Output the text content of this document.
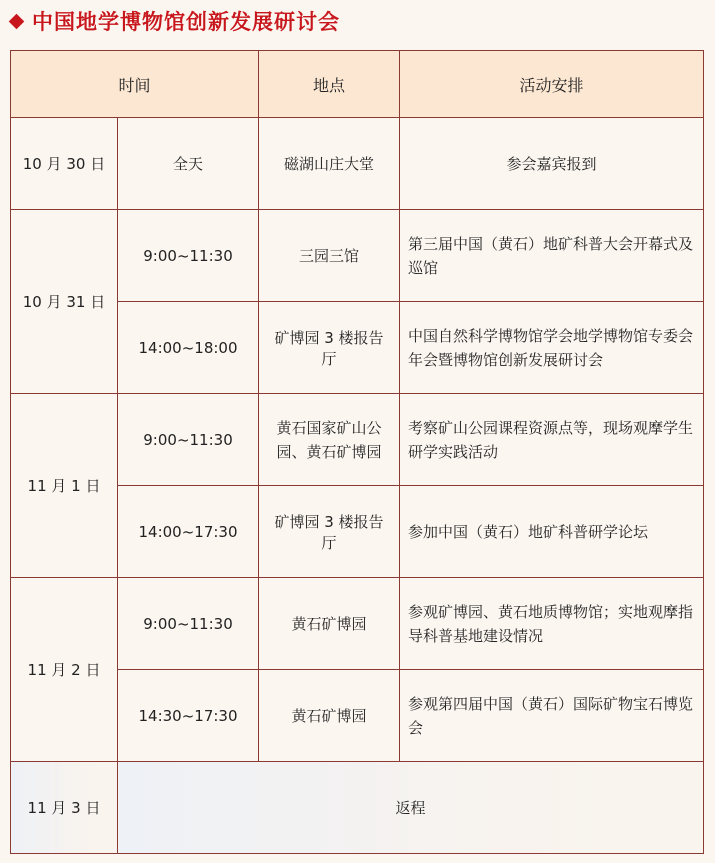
中国地学博物馆创新发展研讨会
时间		地点	活动安排
10 月 30 日	全天	磁湖山庄大堂	参会嘉宾报到
10 月 31 日	9:00~11:30	三园三馆	第三届中国（黄石）地矿科普大会开幕式及巡馆
	14:00~18:00	矿博园 3 楼报告厅	中国自然科学博物馆学会地学博物馆专委会年会暨博物馆创新发展研讨会
11 月 1 日	9:00~11:30	黄石国家矿山公园、黄石矿博园	考察矿山公园课程资源点等，现场观摩学生研学实践活动
	14:00~17:30	矿博园 3 楼报告厅	参加中国（黄石）地矿科普研学论坛
11 月 2 日	9:00~11:30	黄石矿博园	参观矿博园、黄石地质博物馆；实地观摩指导科普基地建设情况
	14:30~17:30	黄石矿博园	参观第四届中国（黄石）国际矿物宝石博览会
11 月 3 日	返程		
